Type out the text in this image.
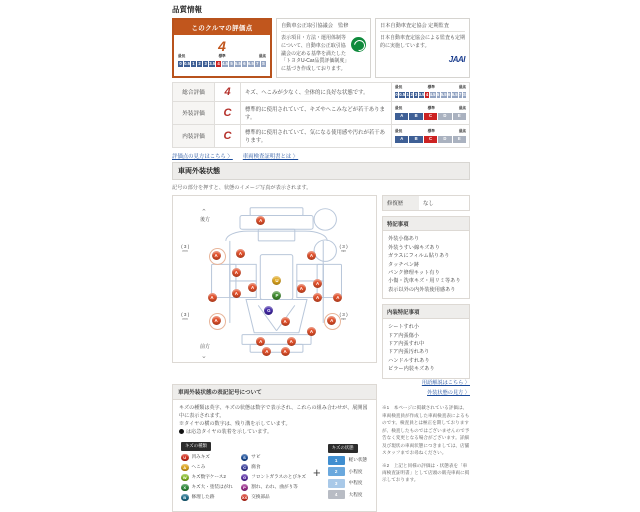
品質情報
このクルマの評価点
4
最低	標準	最高
0 0.5 1 2 3 3.5 4 4.5 5 5.5 6 6.5 7 S
自動車公正取引協議会　監修
表示項目・方法・運用体制等について、自動車公正取引協議会の定める基準を満たした「トヨタU-Car品質評価制度」に基づき作成しております。
日本自動車査定協会 定期監査
日本自動車査定協会による監査も定期的に実施しています。
JAAI
総合評価	4	キズ、へこみが少なく、全体的に良好な状態です。	
最低	標準	最高
0 0.5 1 2 3 3.5 4 4.5 5 5.5 6 6.5 7 S

外装評価	C	標準的に使用されていて、キズやへこみなどが若干あります。	
最低	標準	最高
A	B	C	D	E

内装評価	C	標準的に使用されていて、気になる使用感や汚れが若干あります。	
最低	標準	最高
A	B	C	D	E
評価点の見方はこちら 〉 車両検査証明書とは 〉
車両外装状態
記号の部分を押すと、状態のイメージ写真が表示されます。
⌃
後方
⌄
前方
A
A	A
A
A
A
A
A
A
A
A
A	A
A
U
P
G
A
A
A	A
A	A
( 3 )
mm
( 3 )
mm
( 3 )
mm
( 3 )
mm
修復歴	なし
特記事項
外装小傷あり
外装うすい線キズあり
ガラスにフィルム貼りあり
タッチペン跡
パンク修理キット有り
小傷・洗車キズ・用リミ等あり
表示以外の内外装使用感あり
内装特記事項
シートすれ小
ドア内張傷小
ドア内張すれ中
ドア内張汚れあり
ハンドルすれあり
ピラー内装キズあり
車両外装状態の表記記号について
キズの種類は英字、キズの状態は数字で表示され、これらの組み合わせが、展開図中に表示されます。
※タイヤの横の数字は、残り溝を示しています。
は応急タイヤの装着を示しています。
キズの種類
U	凹みキズ
A	へこみ
W	キズ数字ケース2
X	キズ大・塗装はがれ
B	修理した跡
S	サビ
C	腐食
G	フロントガラスのとびキズ
P	割れ、われ、曲がり等
XX 交換部品
+
キズの状態
1	軽い状態
2	小程度
3	中程度
4	大程度
用語解説はこちら 〉
外装状態の見方 〉

※1　本ページに掲載されている評価は、車両検査員が作成した車両検査表によるものです。検査員とは極正を期しておりますが、検査したものではございませんので予告なく変更となる場合がございます。詳細及び現状の車両状態につきましては、店舗スタッフまでお尋ねください。

※2　上記と同様の評価は・状態表を「車両検査証明書」として店頭の販売車両に掲示しております。
